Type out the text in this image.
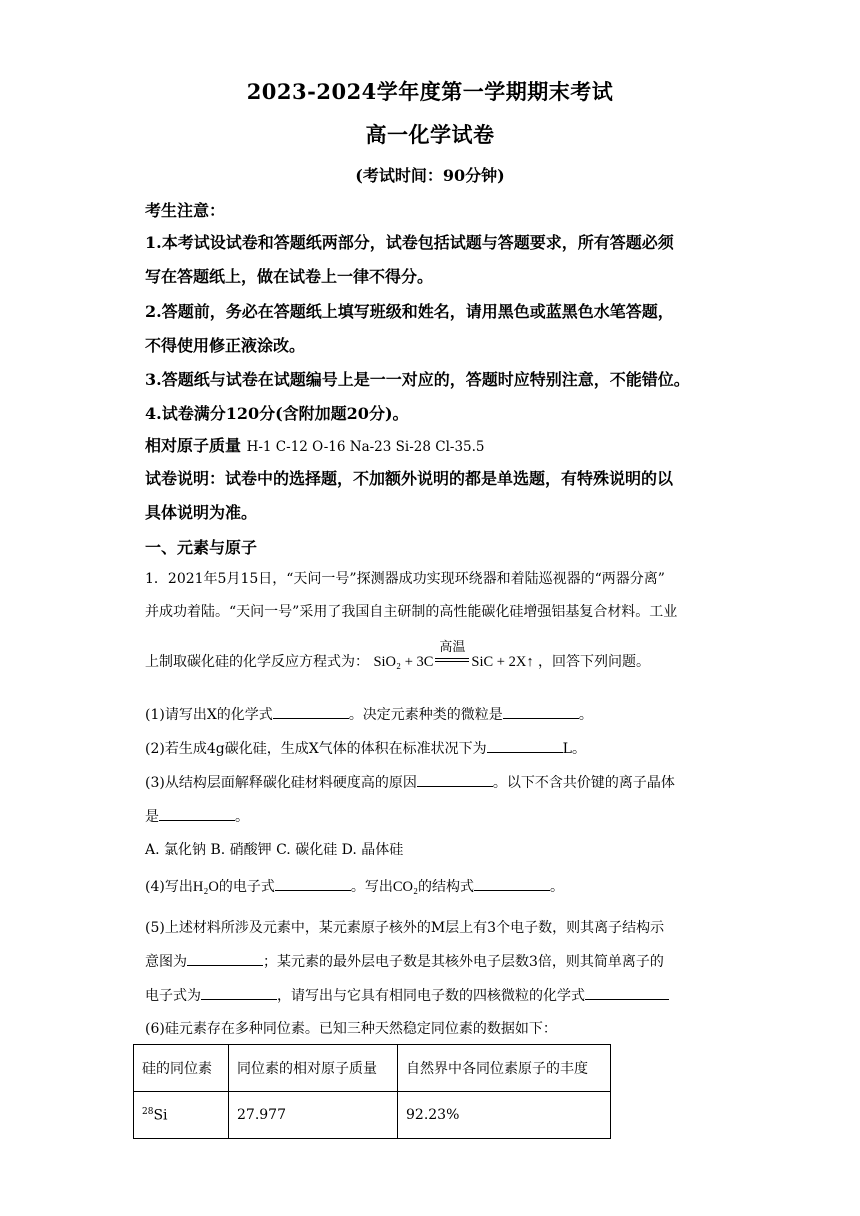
2023-2024学年度第一学期期末考试
高一化学试卷
(考试时间：90分钟)
考生注意：
1.本考试设试卷和答题纸两部分，试卷包括试题与答题要求，所有答题必须
写在答题纸上，做在试卷上一律不得分。
2.答题前，务必在答题纸上填写班级和姓名，请用黑色或蓝黑色水笔答题，
不得使用修正液涂改。
3.答题纸与试卷在试题编号上是一一对应的，答题时应特别注意，不能错位。
4.试卷满分120分(含附加题20分)。
相对原子质量 H-1 C-12 O-16 Na-23 Si-28 Cl-35.5
试卷说明：试卷中的选择题，不加额外说明的都是单选题，有特殊说明的以
具体说明为准。
一、元素与原子
1．2021年5月15日，“天问一号”探测器成功实现环绕器和着陆巡视器的“两器分离”
并成功着陆。“天问一号”采用了我国自主研制的高性能碳化硅增强铝基复合材料。工业
上制取碳化硅的化学反应方程式为： SiO₂ + 3C
高温
SiC + 2X↑ ，回答下列问题。
(1)请写出X的化学式	。决定元素种类的微粒是	。
(2)若生成4g碳化硅，生成X气体的体积在标准状况下为	L。
(3)从结构层面解释碳化硅材料硬度高的原因	。以下不含共价键的离子晶体
是	。
A. 氯化钠 B. 硝酸钾 C. 碳化硅 D. 晶体硅
(4)写出H₂O的电子式	。写出CO₂的结构式	。
(5)上述材料所涉及元素中，某元素原子核外的M层上有3个电子数，则其离子结构示
意图为	；某元素的最外层电子数是其核外电子层数3倍，则其简单离子的
电子式为	，请写出与它具有相同电子数的四核微粒的化学式
(6)硅元素存在多种同位素。已知三种天然稳定同位素的数据如下：
硅的同位素	同位素的相对原子质量	自然界中各同位素原子的丰度
$^{28}$Si	27.977	92.23%
